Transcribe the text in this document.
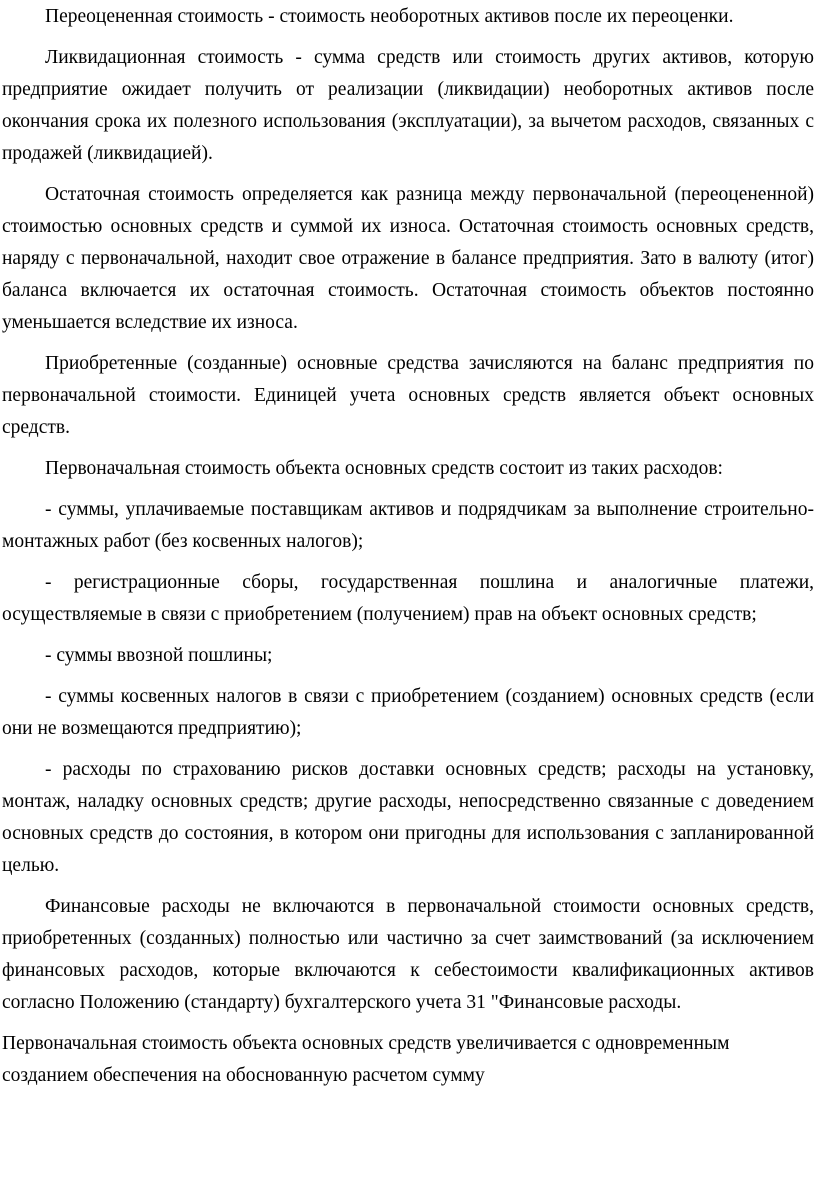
Переоцененная стоимость - стоимость необоротных активов после их переоценки.

Ликвидационная стоимость - сумма средств или стоимость других активов, которую предприятие ожидает получить от реализации (ликвидации) необоротных активов после окончания срока их полезного использования (эксплуатации), за вычетом расходов, связанных с продажей (ликвидацией).

Остаточная стоимость определяется как разница между первоначальной (переоцененной) стоимостью основных средств и суммой их износа. Остаточная стоимость основных средств, наряду с первоначальной, находит свое отражение в балансе предприятия. Зато в валюту (итог) баланса включается их остаточная стоимость. Остаточная стоимость объектов постоянно уменьшается вследствие их износа.

Приобретенные (созданные) основные средства зачисляются на баланс предприятия по первоначальной стоимости. Единицей учета основных средств является объект основных средств.

Первоначальная стоимость объекта основных средств состоит из таких расходов:

- суммы, уплачиваемые поставщикам активов и подрядчикам за выполнение строительно-монтажных работ (без косвенных налогов);

- регистрационные сборы, государственная пошлина и аналогичные платежи, осуществляемые в связи с приобретением (получением) прав на объект основных средств;

- суммы ввозной пошлины;

- суммы косвенных налогов в связи с приобретением (созданием) основных средств (если они не возмещаются предприятию);

- расходы по страхованию рисков доставки основных средств; расходы на установку, монтаж, наладку основных средств; другие расходы, непосредственно связанные с доведением основных средств до состояния, в котором они пригодны для использования с запланированной целью.

Финансовые расходы не включаются в первоначальной стоимости основных средств, приобретенных (созданных) полностью или частично за счет заимствований (за исключением финансовых расходов, которые включаются к себестоимости квалификационных активов согласно Положению (стандарту) бухгалтерского учета 31 "Финансовые расходы.

Первоначальная стоимость объекта основных средств увеличивается с одновременным созданием обеспечения на обоснованную расчетом сумму
